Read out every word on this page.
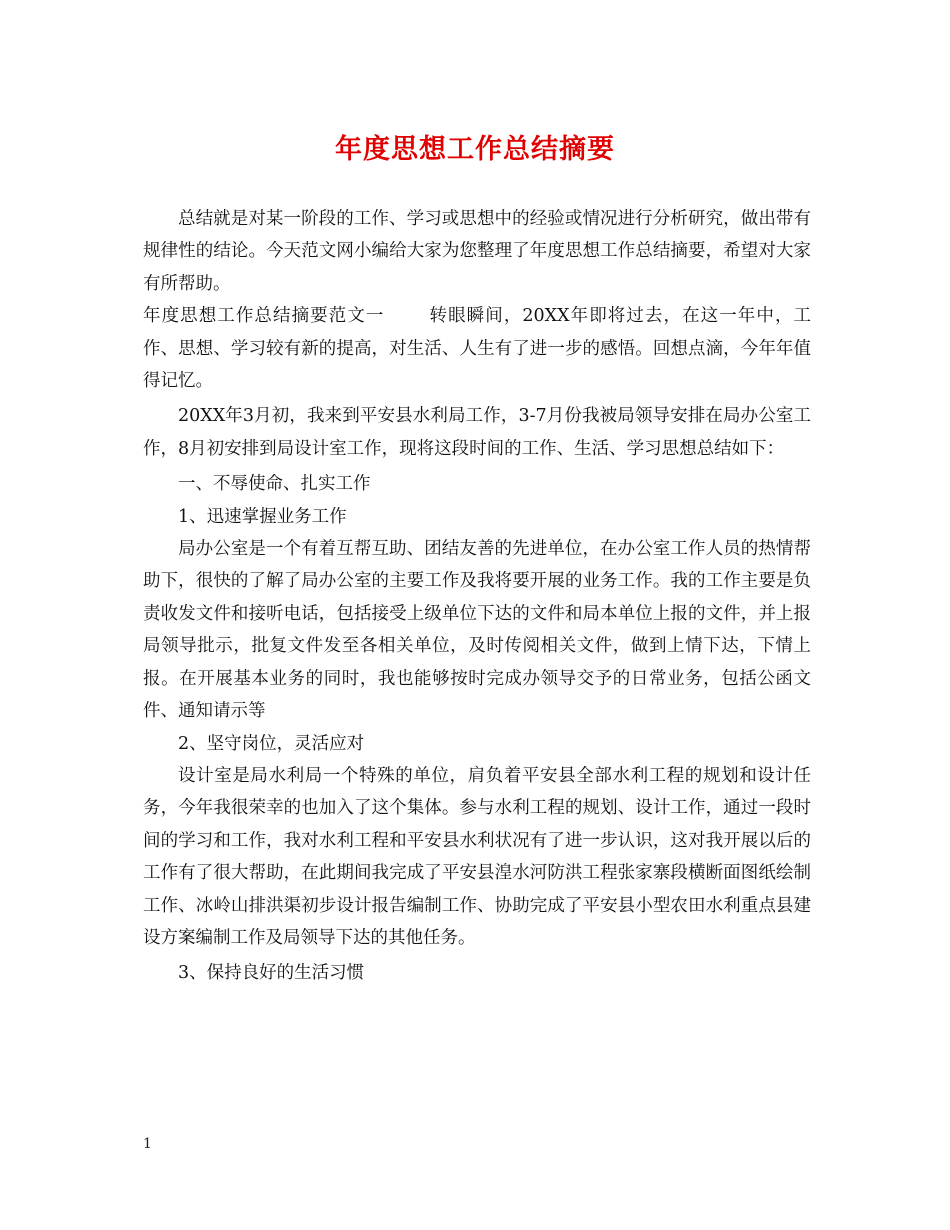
年度思想工作总结摘要

总结就是对某一阶段的工作、学习或思想中的经验或情况进行分析研究，做出带有规律性的结论。今天范文网小编给大家为您整理了年度思想工作总结摘要，希望对大家有所帮助。

年度思想工作总结摘要范文一	转眼瞬间，20XX年即将过去，在这一年中，工作、思想、学习较有新的提高，对生活、人生有了进一步的感悟。回想点滴，今年年值得记忆。

20XX年3月初，我来到平安县水利局工作，3-7月份我被局领导安排在局办公室工作，8月初安排到局设计室工作，现将这段时间的工作、生活、学习思想总结如下：

一、不辱使命、扎实工作

1、迅速掌握业务工作

局办公室是一个有着互帮互助、团结友善的先进单位，在办公室工作人员的热情帮助下，很快的了解了局办公室的主要工作及我将要开展的业务工作。我的工作主要是负责收发文件和接听电话，包括接受上级单位下达的文件和局本单位上报的文件，并上报局领导批示，批复文件发至各相关单位，及时传阅相关文件，做到上情下达，下情上报。在开展基本业务的同时，我也能够按时完成办领导交予的日常业务，包括公函文件、通知请示等

2、坚守岗位，灵活应对

设计室是局水利局一个特殊的单位，肩负着平安县全部水利工程的规划和设计任务，今年我很荣幸的也加入了这个集体。参与水利工程的规划、设计工作，通过一段时间的学习和工作，我对水利工程和平安县水利状况有了进一步认识，这对我开展以后的工作有了很大帮助，在此期间我完成了平安县湟水河防洪工程张家寨段横断面图纸绘制工作、冰岭山排洪渠初步设计报告编制工作、协助完成了平安县小型农田水利重点县建设方案编制工作及局领导下达的其他任务。

3、保持良好的生活习惯

1
